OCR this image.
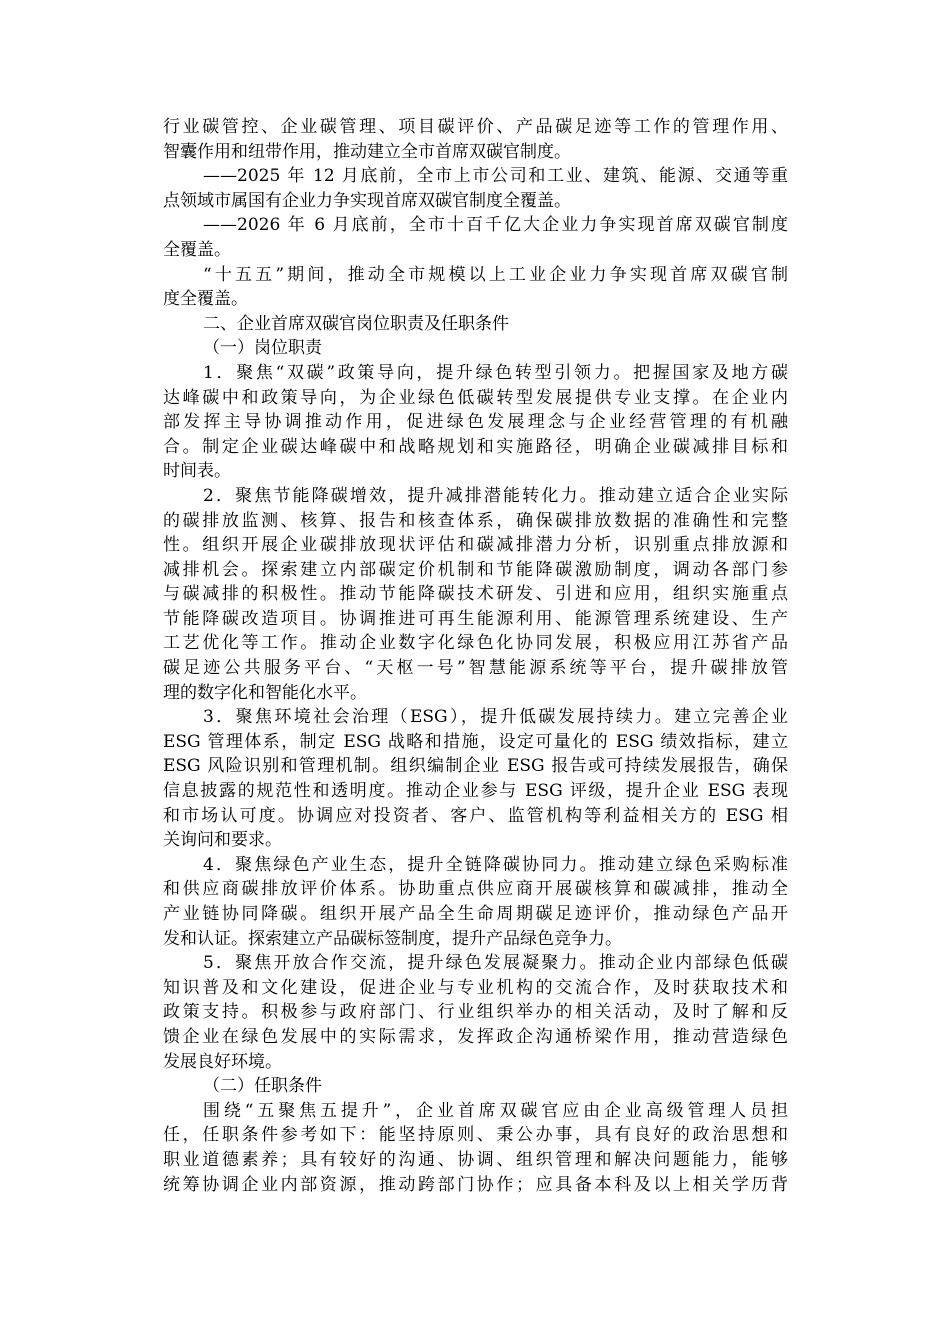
行业碳管控、企业碳管理、项目碳评价、产品碳足迹等工作的管理作用、
智囊作用和纽带作用，推动建立全市首席双碳官制度。
——2025 年 12 月底前，全市上市公司和工业、建筑、能源、交通等重
点领域市属国有企业力争实现首席双碳官制度全覆盖。
——2026 年 6 月底前，全市十百千亿大企业力争实现首席双碳官制度
全覆盖。
“十五五”期间，推动全市规模以上工业企业力争实现首席双碳官制
度全覆盖。
二、企业首席双碳官岗位职责及任职条件
（一）岗位职责
1．聚焦“双碳”政策导向，提升绿色转型引领力。把握国家及地方碳
达峰碳中和政策导向，为企业绿色低碳转型发展提供专业支撑。在企业内
部发挥主导协调推动作用，促进绿色发展理念与企业经营管理的有机融
合。制定企业碳达峰碳中和战略规划和实施路径，明确企业碳减排目标和
时间表。
2．聚焦节能降碳增效，提升减排潜能转化力。推动建立适合企业实际
的碳排放监测、核算、报告和核查体系，确保碳排放数据的准确性和完整
性。组织开展企业碳排放现状评估和碳减排潜力分析，识别重点排放源和
减排机会。探索建立内部碳定价机制和节能降碳激励制度，调动各部门参
与碳减排的积极性。推动节能降碳技术研发、引进和应用，组织实施重点
节能降碳改造项目。协调推进可再生能源利用、能源管理系统建设、生产
工艺优化等工作。推动企业数字化绿色化协同发展，积极应用江苏省产品
碳足迹公共服务平台、“天枢一号”智慧能源系统等平台，提升碳排放管
理的数字化和智能化水平。
3．聚焦环境社会治理（ESG），提升低碳发展持续力。建立完善企业
ESG 管理体系，制定 ESG 战略和措施，设定可量化的 ESG 绩效指标，建立
ESG 风险识别和管理机制。组织编制企业 ESG 报告或可持续发展报告，确保
信息披露的规范性和透明度。推动企业参与 ESG 评级，提升企业 ESG 表现
和市场认可度。协调应对投资者、客户、监管机构等利益相关方的 ESG 相
关询问和要求。
4．聚焦绿色产业生态，提升全链降碳协同力。推动建立绿色采购标准
和供应商碳排放评价体系。协助重点供应商开展碳核算和碳减排，推动全
产业链协同降碳。组织开展产品全生命周期碳足迹评价，推动绿色产品开
发和认证。探索建立产品碳标签制度，提升产品绿色竞争力。
5．聚焦开放合作交流，提升绿色发展凝聚力。推动企业内部绿色低碳
知识普及和文化建设，促进企业与专业机构的交流合作，及时获取技术和
政策支持。积极参与政府部门、行业组织举办的相关活动，及时了解和反
馈企业在绿色发展中的实际需求，发挥政企沟通桥梁作用，推动营造绿色
发展良好环境。
（二）任职条件
围绕“五聚焦五提升”，企业首席双碳官应由企业高级管理人员担
任，任职条件参考如下：能坚持原则、秉公办事，具有良好的政治思想和
职业道德素养；具有较好的沟通、协调、组织管理和解决问题能力，能够
统筹协调企业内部资源，推动跨部门协作；应具备本科及以上相关学历背
